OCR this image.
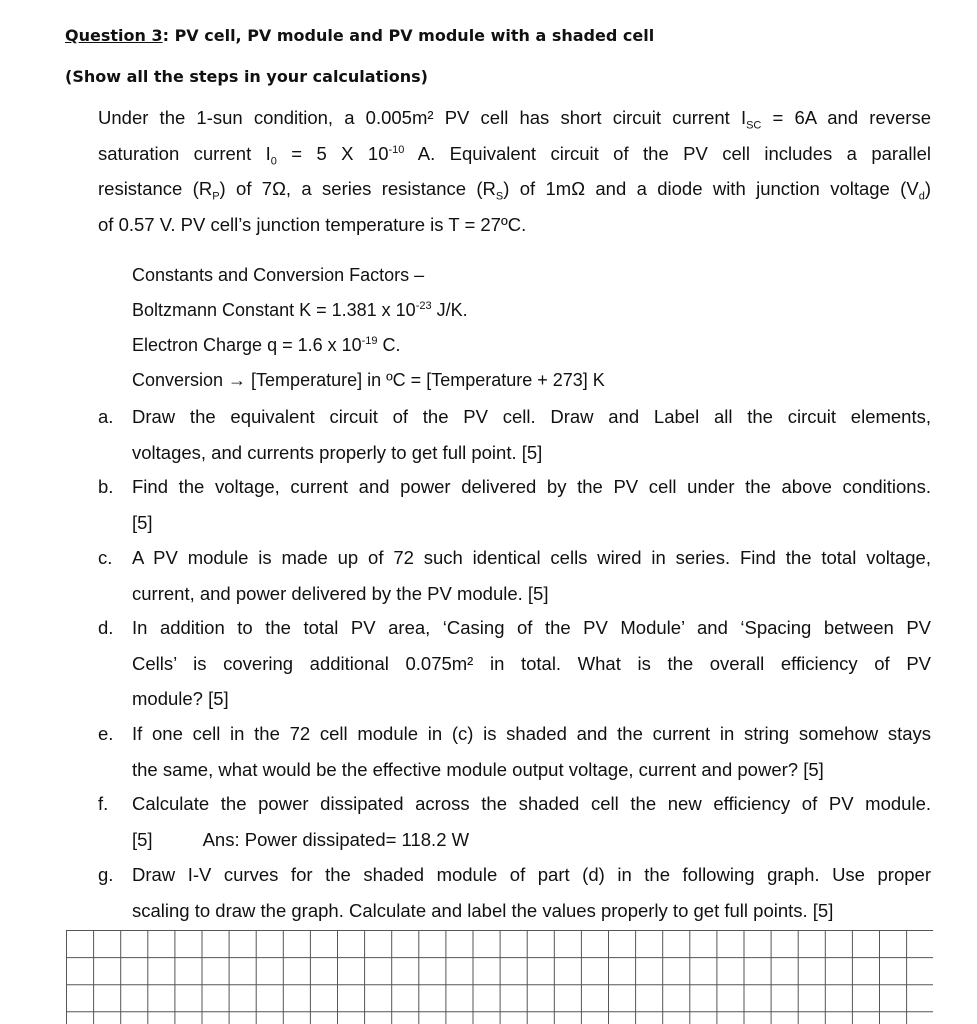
Question 3: PV cell, PV module and PV module with a shaded cell
(Show all the steps in your calculations)
Under the 1-sun condition, a 0.005m² PV cell has short circuit current $I_{SC} = 6A$ and reverse
saturation current $I_0 = 5$ X $10^{-10}$ A. Equivalent circuit of the PV cell includes a parallel
resistance $(R_P)$ of 7Ω, a series resistance $(R_S)$ of 1mΩ and a diode with junction voltage $(V_d)$
of 0.57 V. PV cell’s junction temperature is T = 27ºC.
Constants and Conversion Factors –
Boltzmann Constant K = 1.381 x $10^{-23}$ J/K.
Electron Charge q = 1.6 x $10^{-19}$ C.
Conversion → [Temperature] in ºC = [Temperature + 273] K
a.	Draw the equivalent circuit of the PV cell. Draw and Label all the circuit elements,
voltages, and currents properly to get full point. [5]
b.	Find the voltage, current and power delivered by the PV cell under the above conditions.
[5]
c.	A PV module is made up of 72 such identical cells wired in series. Find the total voltage,
current, and power delivered by the PV module. [5]
d.	In addition to the total PV area, ‘Casing of the PV Module’ and ‘Spacing between PV
Cells’ is covering additional 0.075m² in total. What is the overall efficiency of PV
module? [5]
e.	If one cell in the 72 cell module in (c) is shaded and the current in string somehow stays
the same, what would be the effective module output voltage, current and power? [5]
f.	Calculate the power dissipated across the shaded cell the new efficiency of PV module.
[5]	Ans: Power dissipated= 118.2 W
g.	Draw I-V curves for the shaded module of part (d) in the following graph. Use proper
scaling to draw the graph. Calculate and label the values properly to get full points. [5]
